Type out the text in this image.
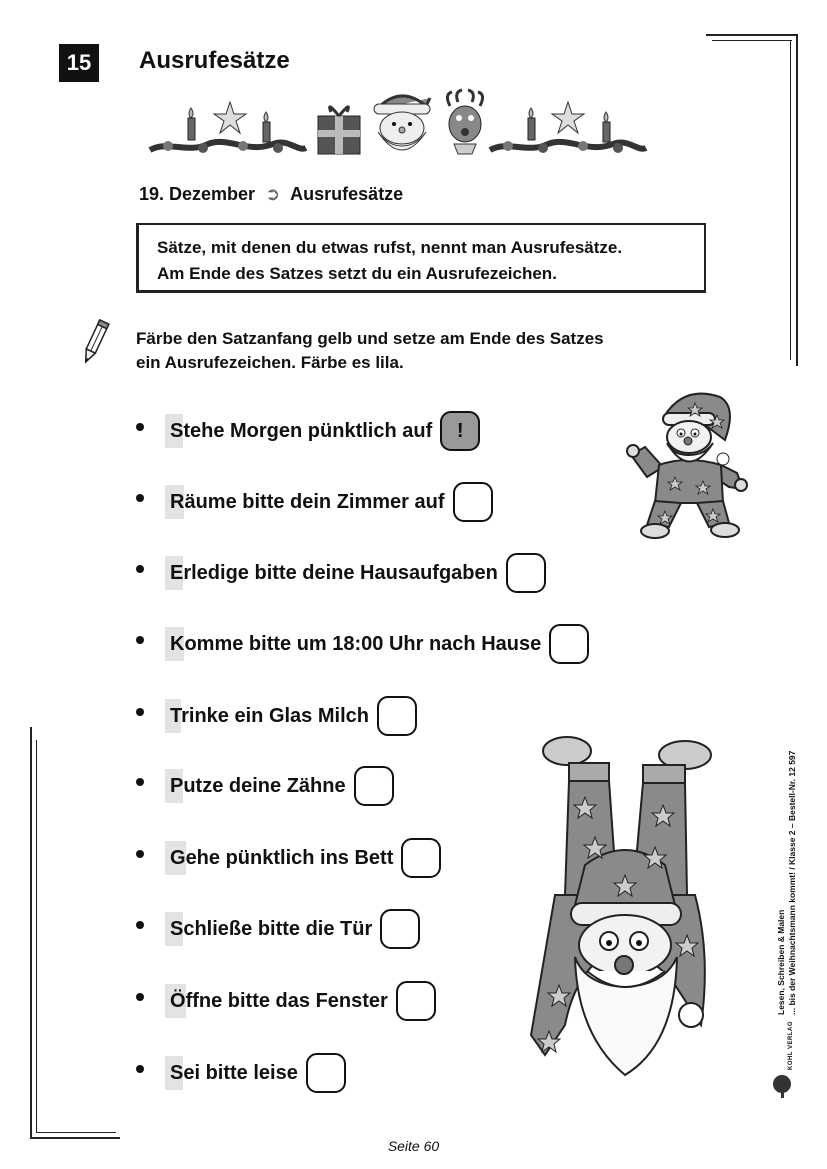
15	Ausrufesätze
19. Dezember ➲ Ausrufesätze
Sätze, mit denen du etwas rufst, nennt man Ausrufesätze.
Am Ende des Satzes setzt du ein Ausrufezeichen.
Färbe den Satzanfang gelb und setze am Ende des Satzes
ein Ausrufezeichen. Färbe es lila.
Stehe Morgen pünktlich auf	!
Räume bitte dein Zimmer auf
Erledige bitte deine Hausaufgaben
Komme bitte um 18:00 Uhr nach Hause
Trinke ein Glas Milch
Putze deine Zähne
Gehe pünktlich ins Bett
Schließe bitte die Tür
Öffne bitte das Fenster
Sei bitte leise
Lesen, Schreiben & Malen ... bis der Weihnachtsmann kommt! / Klasse 2 – Bestell-Nr. 12 597
KOHL VERLAG
Seite 60
